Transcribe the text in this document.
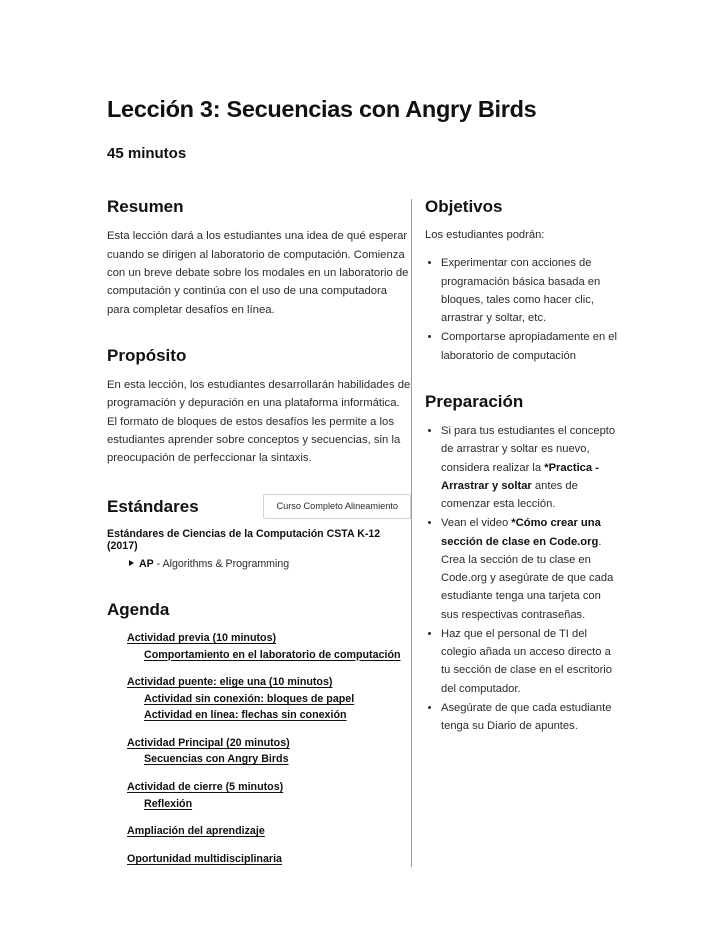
Lección 3: Secuencias con Angry Birds
45 minutos
Resumen

Esta lección dará a los estudiantes una idea de qué esperar cuando se dirigen al laboratorio de computación. Comienza con un breve debate sobre los modales en un laboratorio de computación y continúa con el uso de una computadora para completar desafíos en línea.

Propósito

En esta lección, los estudiantes desarrollarán habilidades de programación y depuración en una plataforma informática. El formato de bloques de estos desafíos les permite a los estudiantes aprender sobre conceptos y secuencias, sin la preocupación de perfeccionar la sintaxis.

Estándares	Curso Completo Alineamiento
Estándares de Ciencias de la Computación CSTA K-12 (2017)
AP - Algorithms & Programming
Agenda
Actividad previa (10 minutos)
Comportamiento en el laboratorio de computación
Actividad puente: elige una (10 minutos)
Actividad sin conexión: bloques de papel
Actividad en línea: flechas sin conexión
Actividad Principal (20 minutos)
Secuencias con Angry Birds
Actividad de cierre (5 minutos)
Reflexión
Ampliación del aprendizaje
Oportunidad multidisciplinaria
Objetivos

Los estudiantes podrán:

Experimentar con acciones de programación básica basada en bloques, tales como hacer clic, arrastrar y soltar, etc.
Comportarse apropiadamente en el laboratorio de computación
Preparación
Si para tus estudiantes el concepto de arrastrar y soltar es nuevo, considera realizar la *Practica - Arrastrar y soltar antes de comenzar esta lección.
Vean el video *Cómo crear una sección de clase en Code.org. Crea la sección de tu clase en Code.org y asegúrate de que cada estudiante tenga una tarjeta con sus respectivas contraseñas.
Haz que el personal de TI del colegio añada un acceso directo a tu sección de clase en el escritorio del computador.
Asegúrate de que cada estudiante tenga su Diario de apuntes.
